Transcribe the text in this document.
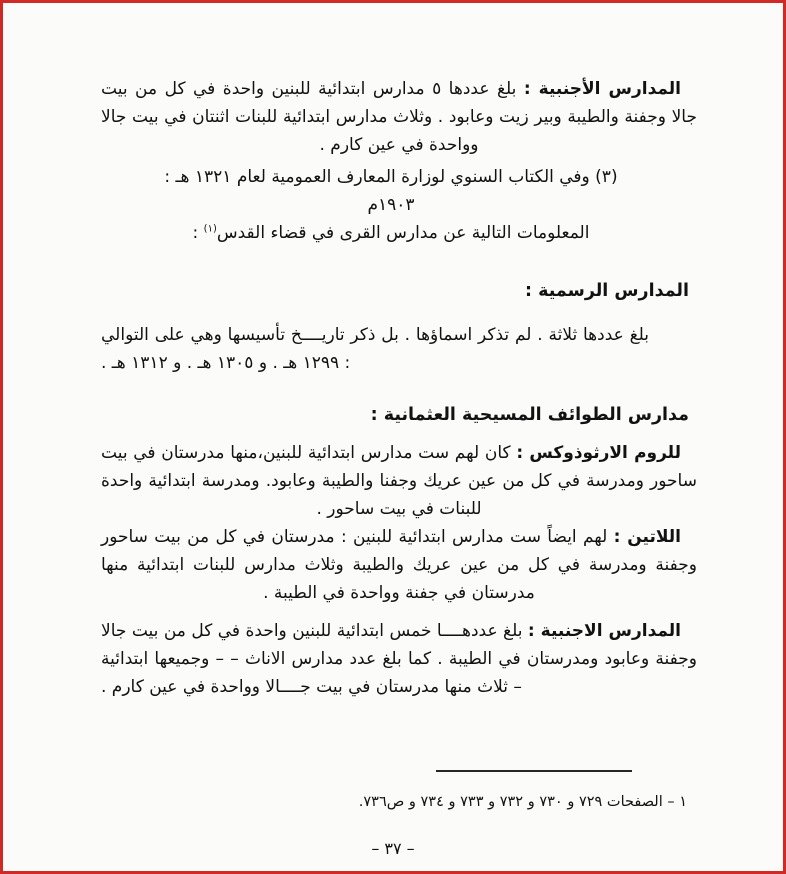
المدارس الأجنبية : بلغ عددها ٥ مدارس ابتدائية للبنين واحدة في كل من بيت جالا وجفنة والطيبة وبير زيت وعابود . وثلاث مدارس ابتدائية للبنات اثنتان في بيت جالا وواحدة في عين كارم .

(٣) وفي الكتاب السنوي لوزارة المعارف العمومية لعام ١٣٢١ هـ : ١٩٠٣م
المعلومات التالية عن مدارس القرى في قضاء القدس$^{(١)}$ :

المدارس الرسمية :

بلغ عددها ثلاثة . لم تذكر اسماؤها . بل ذكر تاريــــخ تأسيسها وهي على التوالي : ١٢٩٩ هـ . و ١٣٠٥ هـ . و ١٣١٢ هـ .

مدارس الطوائف المسيحية العثمانية :

للروم الارثوذوكس : كان لهم ست مدارس ابتدائية للبنين،منها مدرستان في بيت ساحور ومدرسة في كل من عين عريك وجفنا والطيبة وعابود. ومدرسة ابتدائية واحدة للبنات في بيت ساحور .

اللاتين : لهم ايضاً ست مدارس ابتدائية للبنين : مدرستان في كل من بيت ساحور وجفنة ومدرسة في كل من عين عريك والطيبة وثلاث مدارس للبنات ابتدائية منها مدرستان في جفنة وواحدة في الطيبة .

المدارس الاجنبية : بلغ عددهــــا خمس ابتدائية للبنين واحدة في كل من بيت جالا وجفنة وعابود ومدرستان في الطيبة . كما بلغ عدد مدارس الاناث – – وجميعها ابتدائية – ثلاث منها مدرستان في بيت جــــالا وواحدة في عين كارم .

١ – الصفحات ٧٢٩ و ٧٣٠ و ٧٣٢ و ٧٣٣ و ٧٣٤ و ص٧٣٦.
– ٣٧ –
